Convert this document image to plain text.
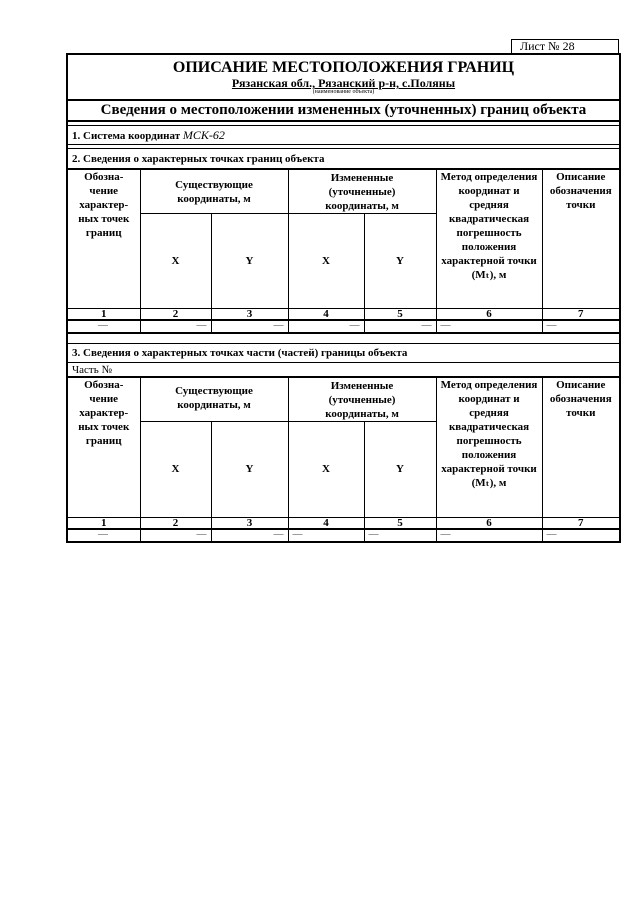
Лист № 28
ОПИСАНИЕ МЕСТОПОЛОЖЕНИЯ ГРАНИЦ
Рязанская обл., Рязанский р-н, с.Поляны
(наименование объекта)
Сведения о местоположении измененных (уточненных) границ объекта
1. Система координат МСК-62
2. Сведения о характерных точках границ объекта
Обозна-чение характер-ных точек границ	Существующие координаты, м		Измененные (уточненные) координаты, м		Метод определения координат и средняя квадратическая погрешность положения характерной точки (Mₜ), м	Описание обозначения точки
	X	Y	X	Y		
1	2	3	4	5	6	7
—	—	—	—	—	—	—
3. Сведения о характерных точках части (частей) границы объекта
Часть №
Обозна-чение характер-ных точек границ	Существующие координаты, м		Измененные (уточненные) координаты, м		Метод определения координат и средняя квадратическая погрешность положения характерной точки (Mₜ), м	Описание обозначения точки
	X	Y	X	Y		
1	2	3	4	5	6	7
—	—	—	—	—	—	—
